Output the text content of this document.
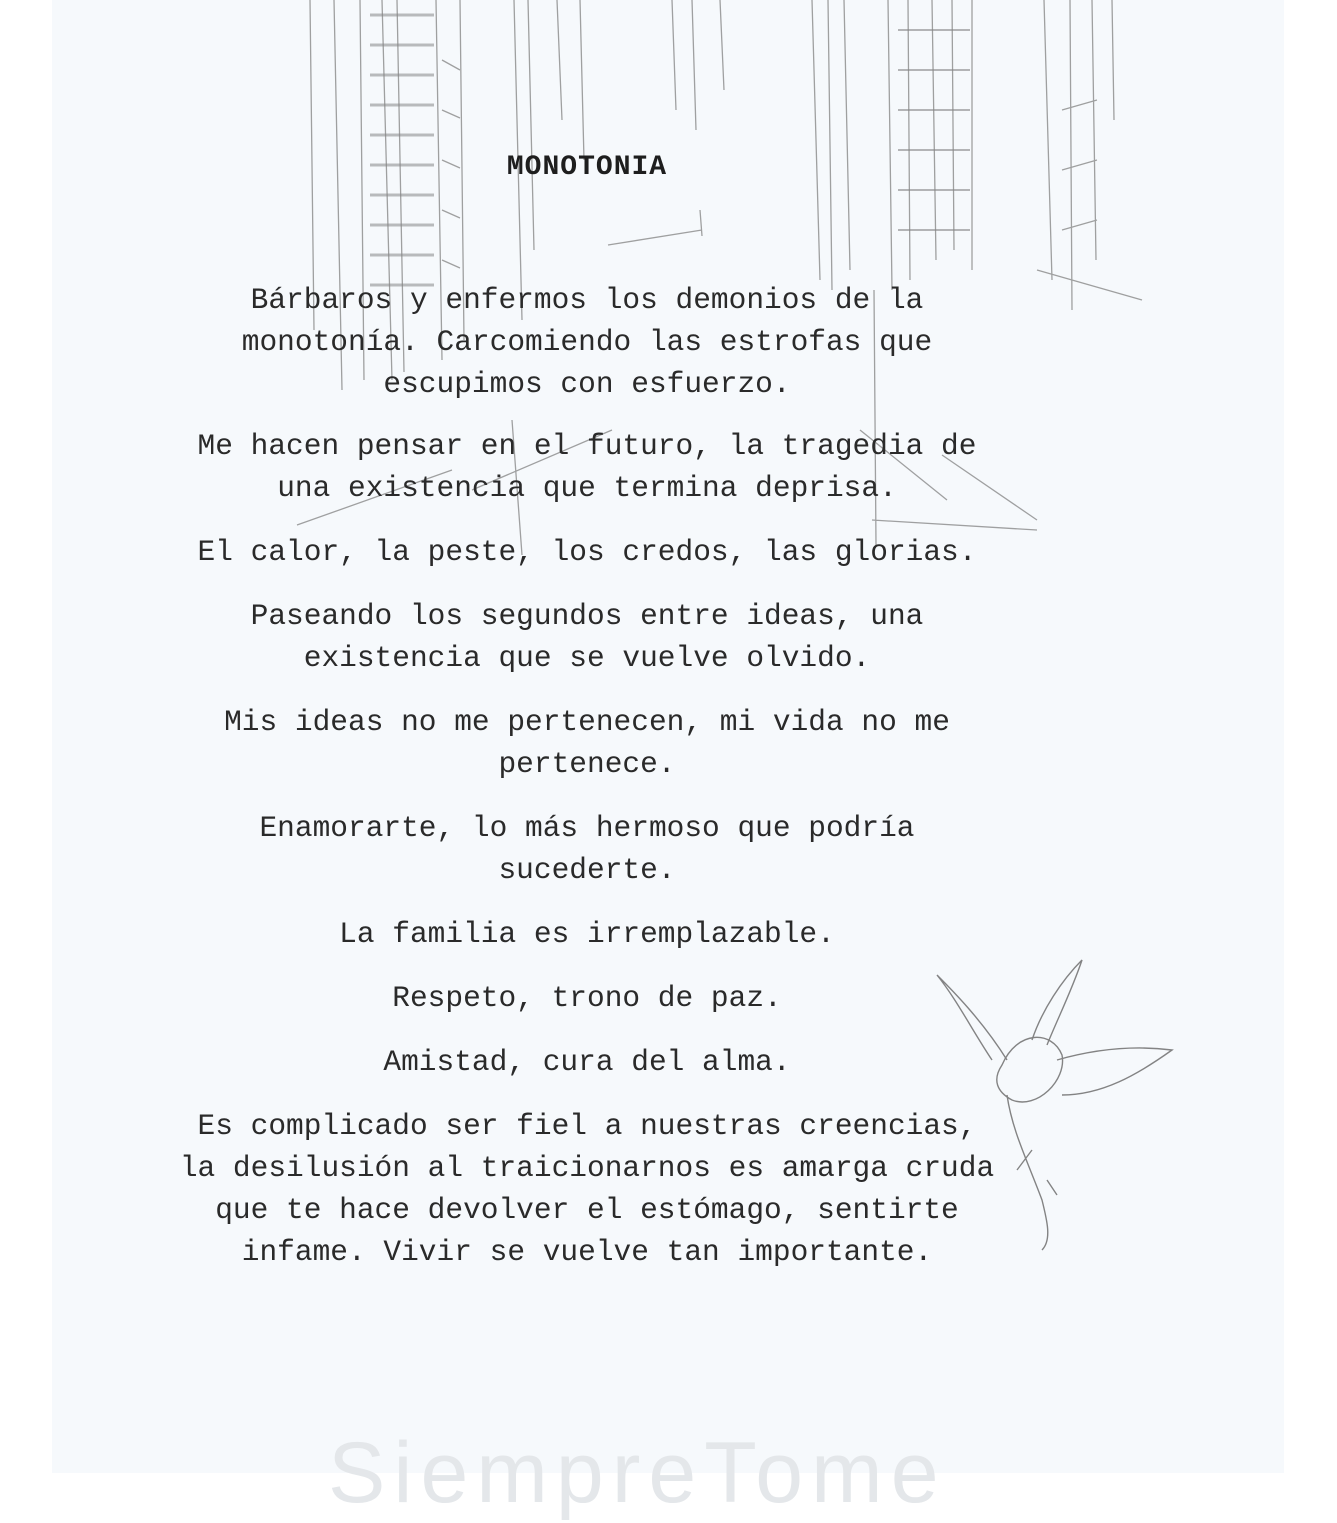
MONOTONIA

Bárbaros y enfermos los demonios de la monotonía. Carcomiendo las estrofas que escupimos con esfuerzo.

Me hacen pensar en el futuro, la tragedia de una existencia que termina deprisa.

El calor, la peste, los credos, las glorias.

Paseando los segundos entre ideas, una existencia que se vuelve olvido.

Mis ideas no me pertenecen, mi vida no me pertenece.

Enamorarte, lo más hermoso que podría sucederte.

La familia es irremplazable.

Respeto, trono de paz.

Amistad, cura del alma.

Es complicado ser fiel a nuestras creencias, la desilusión al traicionarnos es amarga cruda que te hace devolver el estómago, sentirte infame. Vivir se vuelve tan importante.

SiempreTome
